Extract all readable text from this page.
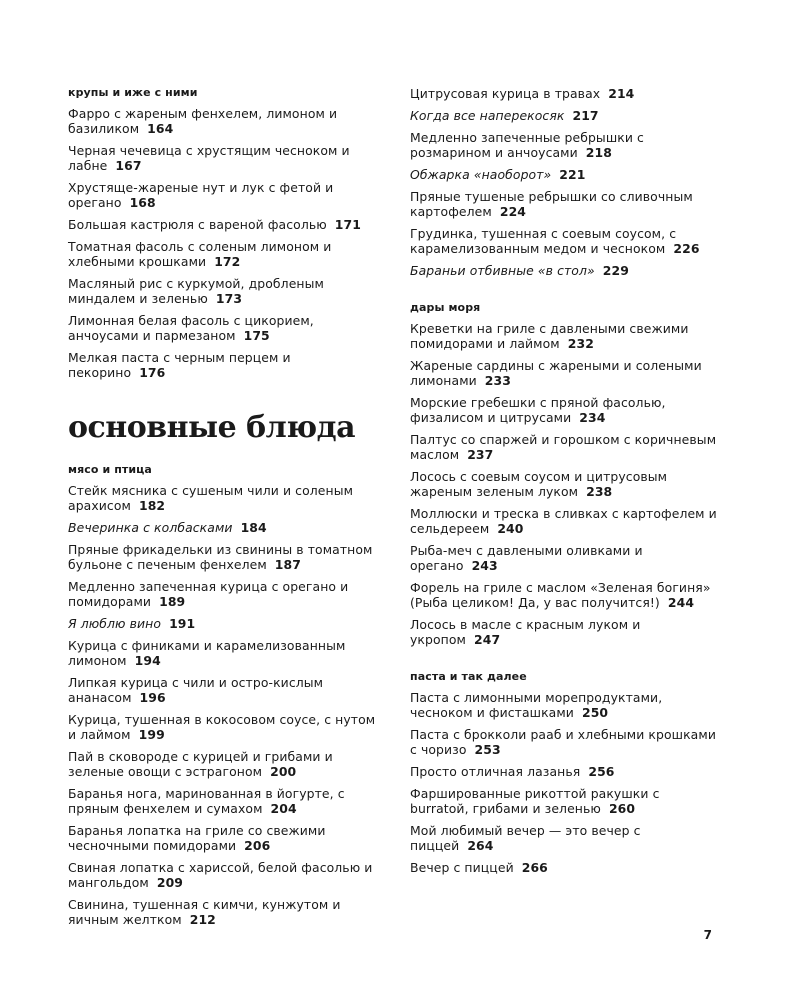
крупы и иже с ними
Фарро с жареным фенхелем, лимоном и базиликом 164
Черная чечевица с хрустящим чесноком и лабне 167
Хрустяще-жареные нут и лук с фетой и орегано 168
Большая кастрюля с вареной фасолью 171
Томатная фасоль с соленым лимоном и хлебными крошками 172
Масляный рис с куркумой, дробленым миндалем и зеленью 173
Лимонная белая фасоль с цикорием, анчоусами и пармезаном 175
Мелкая паста с черным перцем и пекорино 176
основные блюда
мясо и птица
Стейк мясника с сушеным чили и соленым арахисом 182
Вечеринка с колбасками 184
Пряные фрикадельки из свинины в томатном бульоне с печеным фенхелем 187
Медленно запеченная курица с орегано и помидорами 189
Я люблю вино 191
Курица с финиками и карамелизованным лимоном 194
Липкая курица с чили и остро-кислым ананасом 196
Курица, тушенная в кокосовом соусе, с нутом и лаймом 199
Пай в сковороде с курицей и грибами и зеленые овощи с эстрагоном 200
Баранья нога, маринованная в йогурте, с пряным фенхелем и сумахом 204
Баранья лопатка на гриле со свежими чесночными помидорами 206
Свиная лопатка с хариссой, белой фасолью и мангольдом 209
Свинина, тушенная с кимчи, кунжутом и яичным желтком 212
Цитрусовая курица в травах 214
Когда все наперекосяк 217
Медленно запеченные ребрышки с розмарином и анчоусами 218
Обжарка «наоборот» 221
Пряные тушеные ребрышки со сливочным картофелем 224
Грудинка, тушенная с соевым соусом, с карамелизованным медом и чесноком 226
Бараньи отбивные «в стол» 229
дары моря
Креветки на гриле с давлеными свежими помидорами и лаймом 232
Жареные сардины с жареными и солеными лимонами 233
Морские гребешки с пряной фасолью, физалисом и цитрусами 234
Палтус со спаржей и горошком с коричневым маслом 237
Лосось с соевым соусом и цитрусовым жареным зеленым луком 238
Моллюски и треска в сливках с картофелем и сельдереем 240
Рыба-меч с давлеными оливками и орегано 243
Форель на гриле с маслом «Зеленая богиня» (Рыба целиком! Да, у вас получится!) 244
Лосось в масле с красным луком и укропом 247
паста и так далее
Паста с лимонными морепродуктами, чесноком и фисташками 250
Паста с брокколи рааб и хлебными крошками с чоризо 253
Просто отличная лазанья 256
Фаршированные рикоттой ракушки с burratой, грибами и зеленью 260
Мой любимый вечер — это вечер с пиццей 264
Вечер с пиццей 266
7
